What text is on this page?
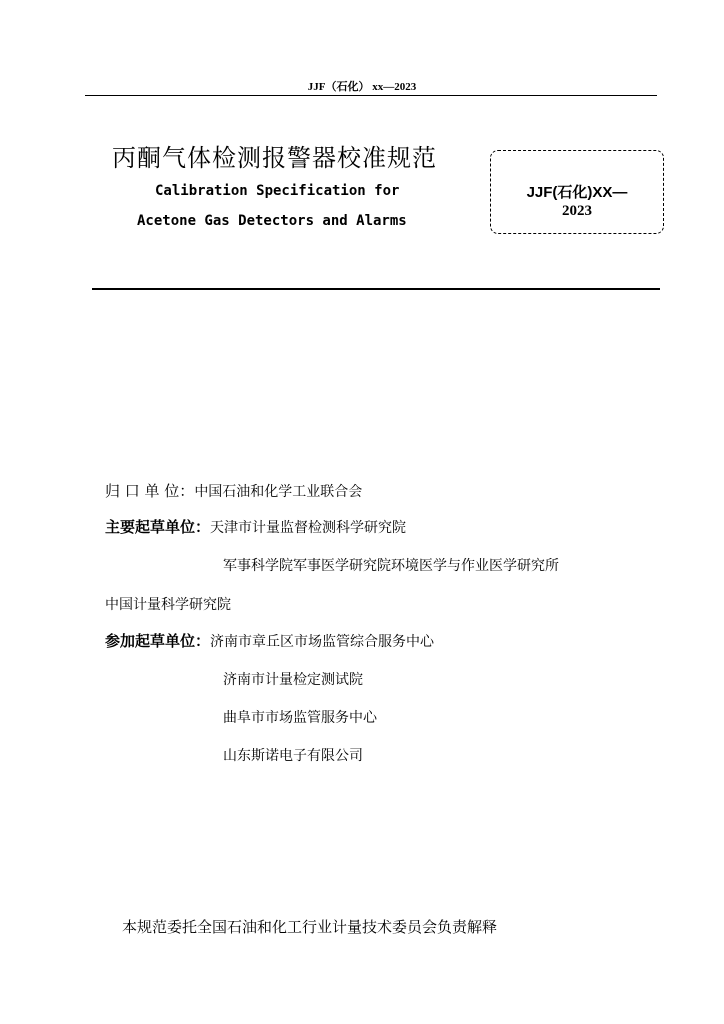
JJF（石化） xx—2023
丙酮气体检测报警器校准规范
Calibration Specification for
Acetone Gas Detectors and Alarms
JJF(石化)XX—
2023
归 口 单 位：中国石油和化学工业联合会
主要起草单位：天津市计量监督检测科学研究院
军事科学院军事医学研究院环境医学与作业医学研究所
中国计量科学研究院
参加起草单位：济南市章丘区市场监管综合服务中心
济南市计量检定测试院
曲阜市市场监管服务中心
山东斯诺电子有限公司
本规范委托全国石油和化工行业计量技术委员会负责解释
